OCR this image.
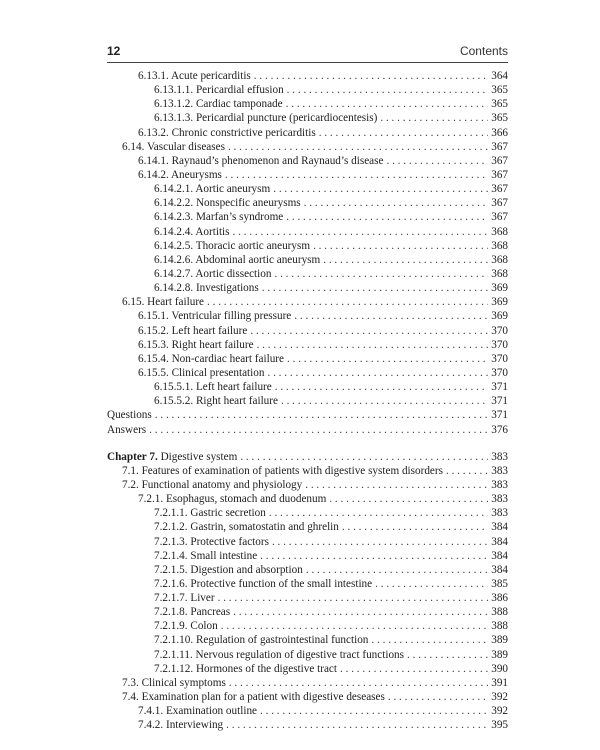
12	Contents
6.13.1. Acute pericarditis . . .	364
6.13.1.1. Pericardial effusion . . .	365
6.13.1.2. Cardiac tamponade . . .	365
6.13.1.3. Pericardial puncture (pericardiocentesis) . . .	365
6.13.2. Chronic constrictive pericarditis . . .	366
6.14. Vascular diseases . . .	367
6.14.1. Raynaud’s phenomenon and Raynaud’s disease . . .	367
6.14.2. Aneurysms . . .	367
6.14.2.1. Aortic aneurysm . . .	367
6.14.2.2. Nonspecific aneurysms . . .	367
6.14.2.3. Marfan’s syndrome . . .	367
6.14.2.4. Aortitis . . .	368
6.14.2.5. Thoracic aortic aneurysm . . .	368
6.14.2.6. Abdominal aortic aneurysm . . .	368
6.14.2.7. Aortic dissection . . .	368
6.14.2.8. Investigations . . .	369
6.15. Heart failure . . .	369
6.15.1. Ventricular filling pressure . . .	369
6.15.2. Left heart failure . . .	370
6.15.3. Right heart failure . . .	370
6.15.4. Non-cardiac heart failure . . .	370
6.15.5. Clinical presentation . . .	370
6.15.5.1. Left heart failure . . .	371
6.15.5.2. Right heart failure . . .	371
Questions . . .	371
Answers . . .	376
Chapter 7. Digestive system . . .	383
7.1. Features of examination of patients with digestive system disorders . . .	383
7.2. Functional anatomy and physiology . . .	383
7.2.1. Esophagus, stomach and duodenum . . .	383
7.2.1.1. Gastric secretion . . .	383
7.2.1.2. Gastrin, somatostatin and ghrelin . . .	384
7.2.1.3. Protective factors . . .	384
7.2.1.4. Small intestine . . .	384
7.2.1.5. Digestion and absorption . . .	384
7.2.1.6. Protective function of the small intestine . . .	385
7.2.1.7. Liver . . .	386
7.2.1.8. Pancreas . . .	388
7.2.1.9. Colon . . .	388
7.2.1.10. Regulation of gastrointestinal function . . .	389
7.2.1.11. Nervous regulation of digestive tract functions . . .	389
7.2.1.12. Hormones of the digestive tract . . .	390
7.3. Clinical symptoms . . .	391
7.4. Examination plan for a patient with digestive deseases . . .	392
7.4.1. Examination outline . . .	392
7.4.2. Interviewing . . .	395
